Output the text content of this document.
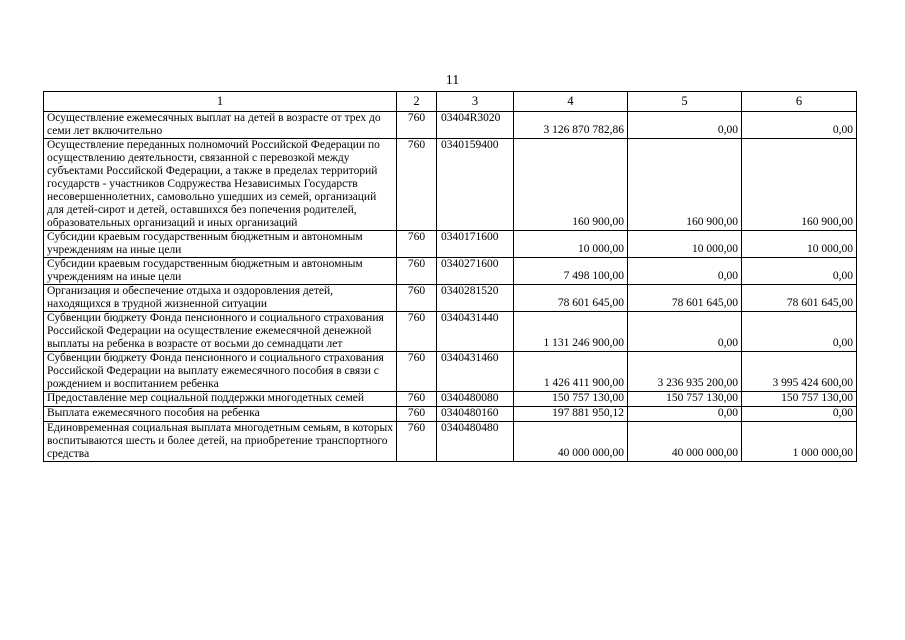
11
1	2	3	4	5	6
Осуществление ежемесячных выплат на детей в возрасте от трех до семи лет включительно	760	03404R3020	3 126 870 782,86	0,00	0,00
Осуществление переданных полномочий Российской Федерации по осуществлению деятельности, связанной с перевозкой между субъектами Российской Федерации, а также в пределах территорий государств - участников Содружества Независимых Государств несовершеннолетних, самовольно ушедших из семей, организаций для детей-сирот и детей, оставшихся без попечения родителей, образовательных организаций и иных организаций	760	0340159400	160 900,00	160 900,00	160 900,00
Субсидии краевым государственным бюджетным и автономным учреждениям на иные цели	760	0340171600	10 000,00	10 000,00	10 000,00
Субсидии краевым государственным бюджетным и автономным учреждениям на иные цели	760	0340271600	7 498 100,00	0,00	0,00
Организация и обеспечение отдыха и оздоровления детей, находящихся в трудной жизненной ситуации	760	0340281520	78 601 645,00	78 601 645,00	78 601 645,00
Субвенции бюджету Фонда пенсионного и социального страхования Российской Федерации на осуществление ежемесячной денежной выплаты на ребенка в возрасте от восьми до семнадцати лет	760	0340431440	1 131 246 900,00	0,00	0,00
Субвенции бюджету Фонда пенсионного и социального страхования Российской Федерации на выплату ежемесячного пособия в связи с рождением и воспитанием ребенка	760	0340431460	1 426 411 900,00	3 236 935 200,00	3 995 424 600,00
Предоставление мер социальной поддержки многодетных семей	760	0340480080	150 757 130,00	150 757 130,00	150 757 130,00
Выплата ежемесячного пособия на ребенка	760	0340480160	197 881 950,12	0,00	0,00
Единовременная социальная выплата многодетным семьям, в которых воспитываются шесть и более детей, на приобретение транспортного средства	760	0340480480	40 000 000,00	40 000 000,00	1 000 000,00
